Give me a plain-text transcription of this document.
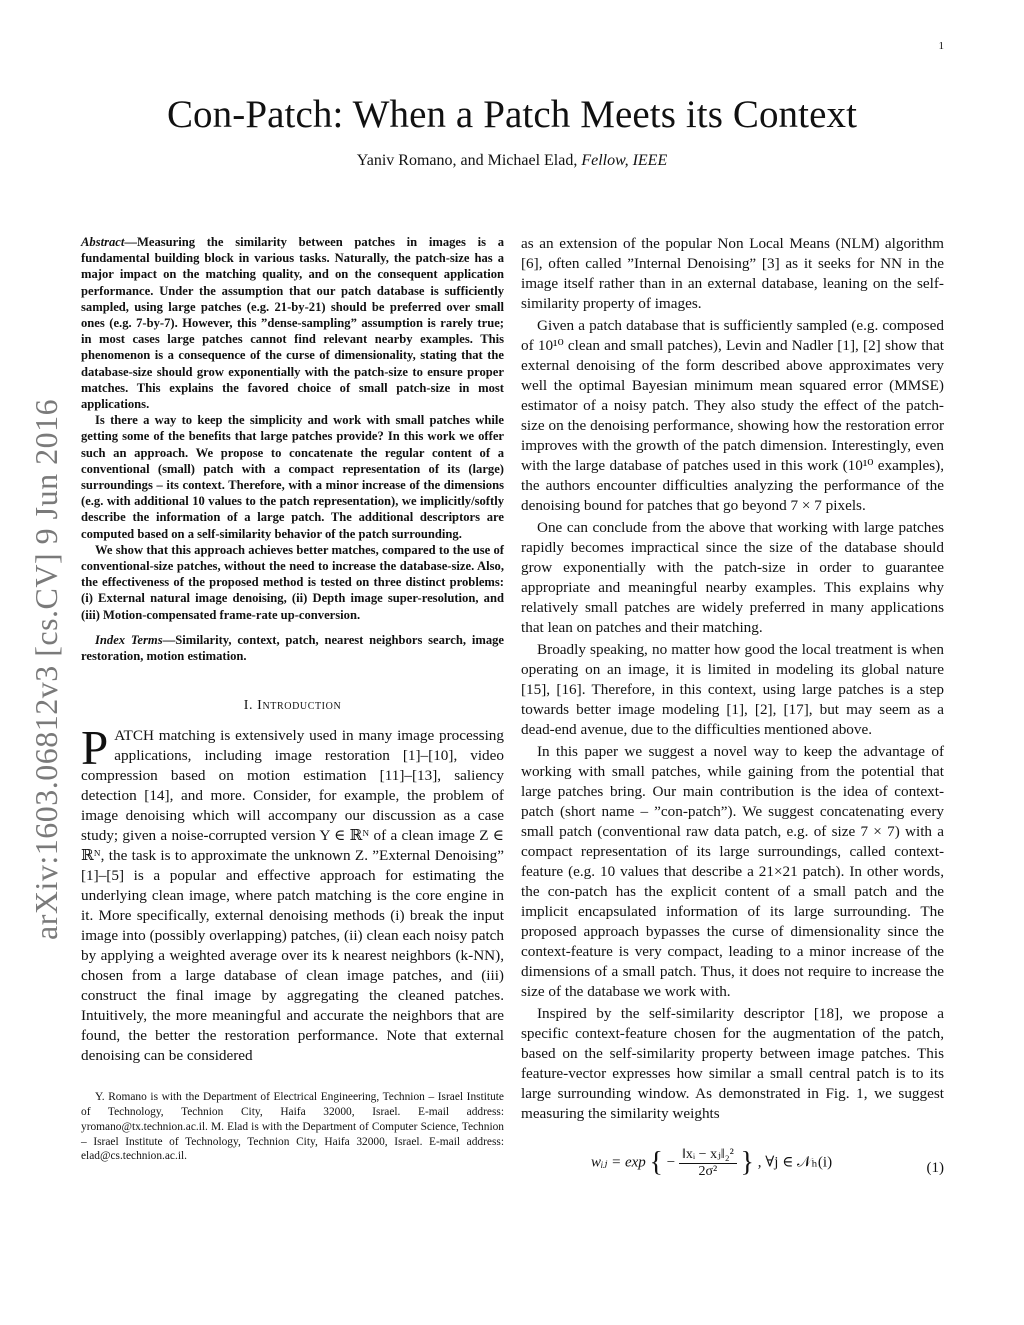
1
Con-Patch: When a Patch Meets its Context
Yaniv Romano, and Michael Elad, Fellow, IEEE
arXiv:1603.06812v3 [cs.CV] 9 Jun 2016

Abstract—Measuring the similarity between patches in images is a fundamental building block in various tasks. Naturally, the patch-size has a major impact on the matching quality, and on the consequent application performance. Under the assumption that our patch database is sufficiently sampled, using large patches (e.g. 21-by-21) should be preferred over small ones (e.g. 7-by-7). However, this ”dense-sampling” assumption is rarely true; in most cases large patches cannot find relevant nearby examples. This phenomenon is a consequence of the curse of dimensionality, stating that the database-size should grow exponentially with the patch-size to ensure proper matches. This explains the favored choice of small patch-size in most applications.

Is there a way to keep the simplicity and work with small patches while getting some of the benefits that large patches provide? In this work we offer such an approach. We propose to concatenate the regular content of a conventional (small) patch with a compact representation of its (large) surroundings – its context. Therefore, with a minor increase of the dimensions (e.g. with additional 10 values to the patch representation), we implicitly/softly describe the information of a large patch. The additional descriptors are computed based on a self-similarity behavior of the patch surrounding.

We show that this approach achieves better matches, compared to the use of conventional-size patches, without the need to increase the database-size. Also, the effectiveness of the proposed method is tested on three distinct problems: (i) External natural image denoising, (ii) Depth image super-resolution, and (iii) Motion-compensated frame-rate up-conversion.

Index Terms—Similarity, context, patch, nearest neighbors search, image restoration, motion estimation.

I. Introduction

PATCH matching is extensively used in many image processing applications, including image restoration [1]–[10], video compression based on motion estimation [11]–[13], saliency detection [14], and more. Consider, for example, the problem of image denoising which will accompany our discussion as a case study; given a noise-corrupted version Y ∈ ℝᴺ of a clean image Z ∈ ℝᴺ, the task is to approximate the unknown Z. ”External Denoising” [1]–[5] is a popular and effective approach for estimating the underlying clean image, where patch matching is the core engine in it. More specifically, external denoising methods (i) break the input image into (possibly overlapping) patches, (ii) clean each noisy patch by applying a weighted average over its k nearest neighbors (k-NN), chosen from a large database of clean image patches, and (iii) construct the final image by aggregating the cleaned patches. Intuitively, the more meaningful and accurate the neighbors that are found, the better the restoration performance. Note that external denoising can be considered

Y. Romano is with the Department of Electrical Engineering, Technion – Israel Institute of Technology, Technion City, Haifa 32000, Israel. E-mail address: yromano@tx.technion.ac.il. M. Elad is with the Department of Computer Science, Technion – Israel Institute of Technology, Technion City, Haifa 32000, Israel. E-mail address: elad@cs.technion.ac.il.

as an extension of the popular Non Local Means (NLM) algorithm [6], often called ”Internal Denoising” [3] as it seeks for NN in the image itself rather than in an external database, leaning on the self-similarity property of images.

Given a patch database that is sufficiently sampled (e.g. composed of 10¹⁰ clean and small patches), Levin and Nadler [1], [2] show that external denoising of the form described above approximates very well the optimal Bayesian minimum mean squared error (MMSE) estimator of a noisy patch. They also study the effect of the patch-size on the denoising performance, showing how the restoration error improves with the growth of the patch dimension. Interestingly, even with the large database of patches used in this work (10¹⁰ examples), the authors encounter difficulties analyzing the performance of the denoising bound for patches that go beyond 7 × 7 pixels.

One can conclude from the above that working with large patches rapidly becomes impractical since the size of the database should grow exponentially with the patch-size in order to guarantee appropriate and meaningful nearby examples. This explains why relatively small patches are widely preferred in many applications that lean on patches and their matching.

Broadly speaking, no matter how good the local treatment is when operating on an image, it is limited in modeling its global nature [15], [16]. Therefore, in this context, using large patches is a step towards better image modeling [1], [2], [17], but may seem as a dead-end avenue, due to the difficulties mentioned above.

In this paper we suggest a novel way to keep the advantage of working with small patches, while gaining from the potential that large patches bring. Our main contribution is the idea of context-patch (short name – ”con-patch”). We suggest concatenating every small patch (conventional raw data patch, e.g. of size 7 × 7) with a compact representation of its large surroundings, called context-feature (e.g. 10 values that describe a 21×21 patch). In other words, the con-patch has the explicit content of a small patch and the implicit encapsulated information of its large surrounding. The proposed approach bypasses the curse of dimensionality since the context-feature is very compact, leading to a minor increase of the dimensions of a small patch. Thus, it does not require to increase the size of the database we work with.

Inspired by the self-similarity descriptor [18], we propose a specific context-feature chosen for the augmentation of the patch, based on the self-similarity property between image patches. This feature-vector expresses how similar a small central patch is to its large surrounding window. As demonstrated in Fig. 1, we suggest measuring the similarity weights

wᵢⱼ = exp { − $\frac{\text{‖xᵢ − xⱼ‖₂²}}{\text{2σ²}}$ } , ∀j ∈ 𝒩ₕ(i)	(1)
